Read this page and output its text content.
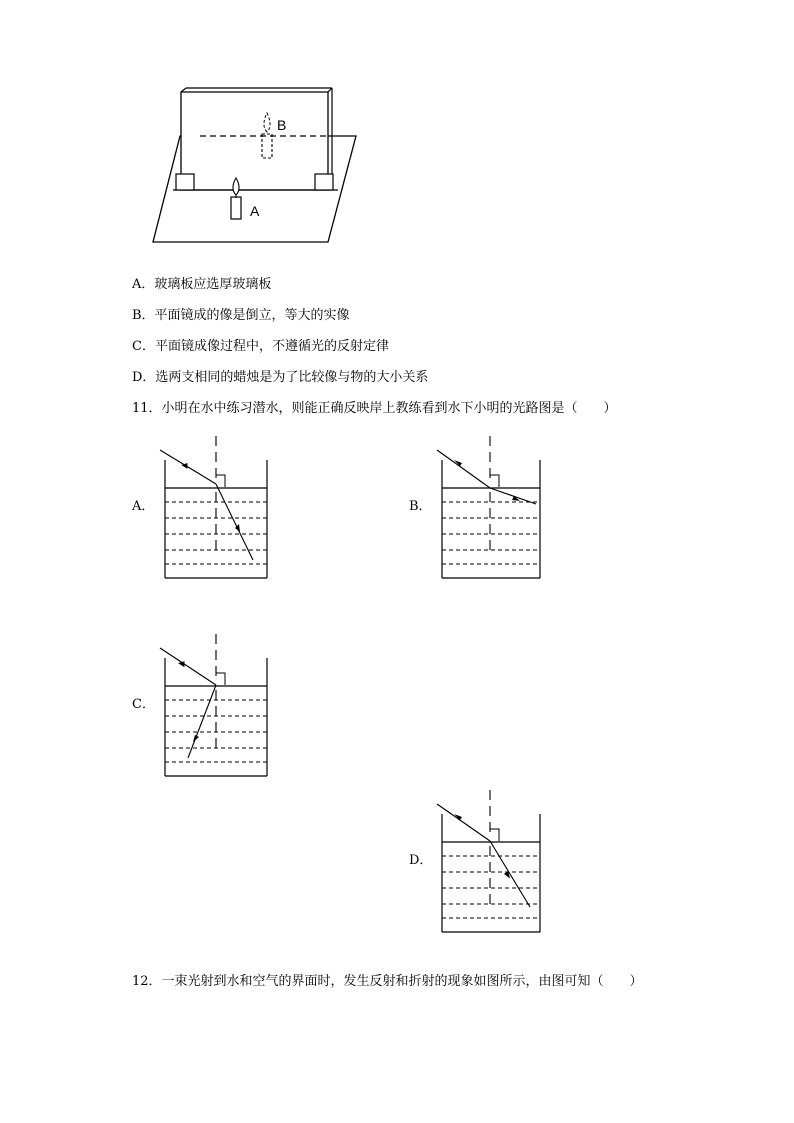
A
B
A．玻璃板应选厚玻璃板
B．平面镜成的像是倒立，等大的实像
C．平面镜成像过程中，不遵循光的反射定律
D．选两支相同的蜡烛是为了比较像与物的大小关系
11．小明在水中练习潜水，则能正确反映岸上教练看到水下小明的光路图是（　　）
A．	B．
C．
D．
12．一束光射到水和空气的界面时，发生反射和折射的现象如图所示，由图可知（　　）
